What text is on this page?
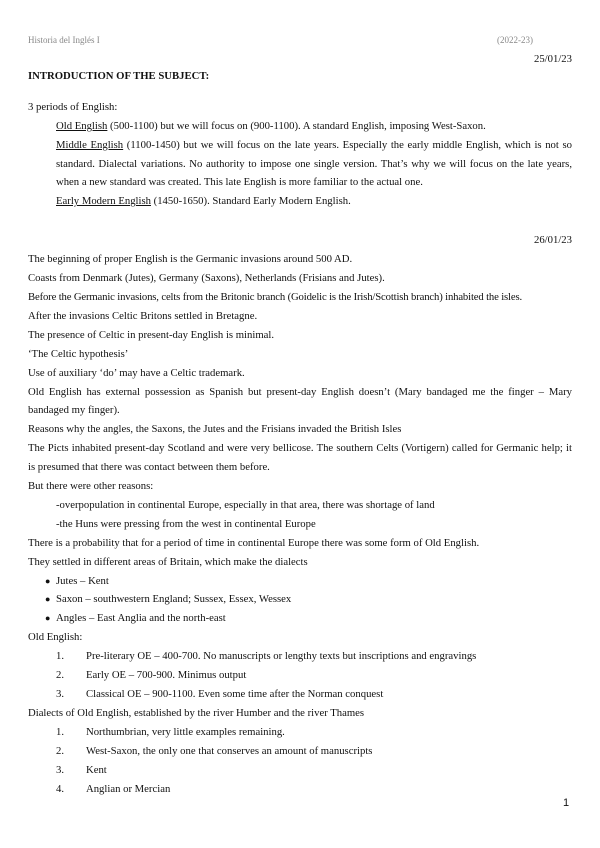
Historia del Inglés I	(2022-23)
25/01/23
INTRODUCTION OF THE SUBJECT:
3 periods of English:
Old English (500-1100) but we will focus on (900-1100). A standard English, imposing West-Saxon.
Middle English (1100-1450) but we will focus on the late years. Especially the early middle English, which is not so standard. Dialectal variations. No authority to impose one single version. That’s why we will focus on the late years, when a new standard was created. This late English is more familiar to the actual one.
Early Modern English (1450-1650). Standard Early Modern English.
26/01/23
The beginning of proper English is the Germanic invasions around 500 AD.
Coasts from Denmark (Jutes), Germany (Saxons), Netherlands (Frisians and Jutes).
Before the Germanic invasions, celts from the Britonic branch (Goidelic is the Irish/Scottish branch) inhabited the isles.
After the invasions Celtic Britons settled in Bretagne.
The presence of Celtic in present-day English is minimal.
‘The Celtic hypothesis’
Use of auxiliary ‘do’ may have a Celtic trademark.
Old English has external possession as Spanish but present-day English doesn’t (Mary bandaged me the finger – Mary bandaged my finger).
Reasons why the angles, the Saxons, the Jutes and the Frisians invaded the British Isles
The Picts inhabited present-day Scotland and were very bellicose. The southern Celts (Vortigern) called for Germanic help; it is presumed that there was contact between them before.
But there were other reasons:
-overpopulation in continental Europe, especially in that area, there was shortage of land
-the Huns were pressing from the west in continental Europe
There is a probability that for a period of time in continental Europe there was some form of Old English.
They settled in different areas of Britain, which make the dialects
● Jutes – Kent
● Saxon – southwestern England; Sussex, Essex, Wessex
● Angles – East Anglia and the north-east
Old English:
1.	Pre-literary OE – 400-700. No manuscripts or lengthy texts but inscriptions and engravings
2.	Early OE – 700-900. Minimus output
3.	Classical OE – 900-1100. Even some time after the Norman conquest
Dialects of Old English, established by the river Humber and the river Thames
1.	Northumbrian, very little examples remaining.
2.	West-Saxon, the only one that conserves an amount of manuscripts
3.	Kent
4.	Anglian or Mercian
1
